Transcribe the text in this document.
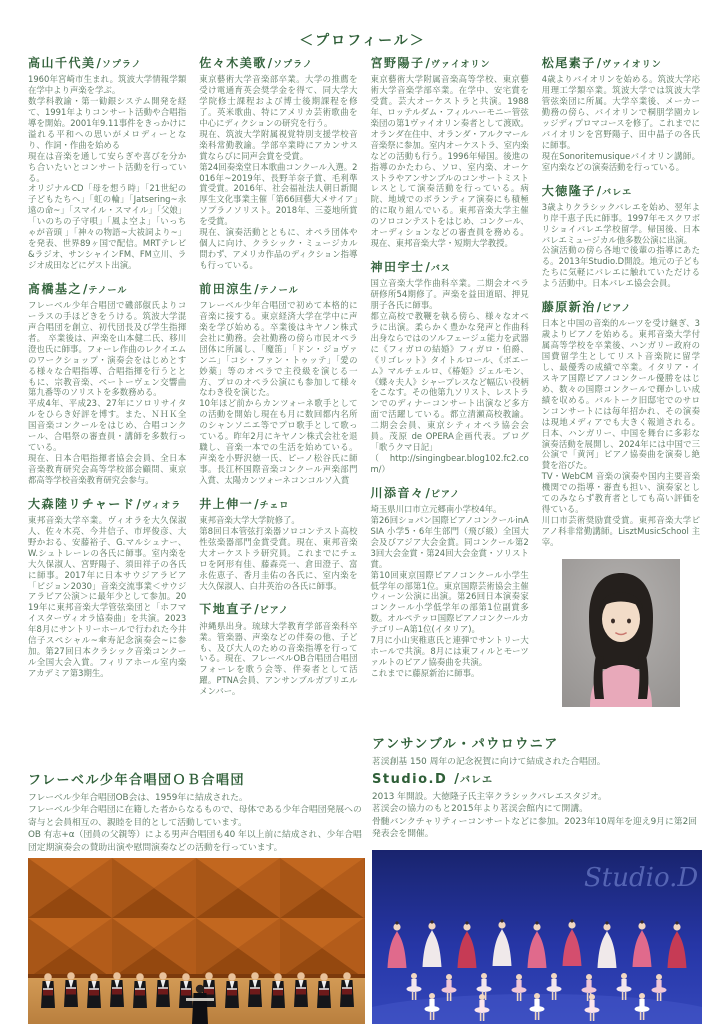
＜プロフィール＞
高山千代美/ソプラノ

1960年宮崎市生まれ。筑波大学情報学類在学中より声楽を学ぶ。

数学科教諭・第一勧銀システム開発を経て、1991年よりコンサート活動や合唱指導を開始。2001年9.11事件をきっかけに溢れる平和への思いがメロディーとなり、作詞・作曲を始める

現在は音楽を通して安らぎや喜びを分かち合いたいとコンサート活動を行っている。

オリジナルCD「母を想う時」「21世紀の子どもたちへ」「虹の輪」「Jatsering~永遠の命~」「スマイル・スマイル」「父娘」「いのちの子守唄」「風よ空よ」「いっちゃが音頭 」「神々の物語~大祓詞より~」を発表、世界89ヶ国で配信。MRTテレビ&ラジオ、サンシャインFM、FM立川、ラジオ成田などにゲスト出演。

髙橋基之/テノール

フレーベル少年合唱団で磯部俶氏よりコーラスの手ほどきをうける。筑波大学混声合唱団を創立、初代団長及び学生指揮者。 卒業後は、声楽を山本健二氏、移川澄也氏に師事。フォーレ作曲のレクイエムのワークショップ・演奏会をはじめとする様々な合唱指導、合唱指揮を行うとともに、宗教音楽、ベートーヴェン交響曲第九番等のソリストを多数務める。

平成4年、平成23、27年にソロリサイタルをひらき好評を博す。また、ＮＨＫ全国音楽コンクールをはじめ、合唱コンクール、合唱祭の審査員・講師を多数行っている。

現在、日本合唱指揮者協会会員、全日本音楽教育研究会高等学校部会顧問、東京都高等学校音楽教育研究会参与。

大森陸リチャード/ヴィオラ

東邦音楽大学卒業。ヴィオラを大久保淑人、佐々木亮、今井信子、市坪俊彦、大野かおる、安藤裕子、G.マルシュナー、W.シュトレーレの各氏に師事。室内楽を大久保淑人、宮野陽子、須田祥子の各氏に師事。2017年に日本サウジアラビア「ビジョン2030」音楽交流事業＜サウジアラビア公演＞に最年少として参加。2019年に東邦音楽大学管弦楽団と「ホフマイスターヴィオラ協奏曲」を共演。2023年8月にサントリーホールで行われた今井信子スペシャル~傘寿記念演奏会~に参加。第27回日本クラシック音楽コンクール全国大会入賞。フィリアホール室内楽アカデミア第3期生。

佐々木美歌/ソプラノ

東京藝術大学音楽部卒業。大学の推薦を受け電通育英会奨学金を得て、同大学大学院修士課程および博士後期課程を修了。英米歌曲、特にアメリカ芸術歌曲を中心にディクションの研究を行う。

現在、筑波大学附属視覚特別支援学校音楽科常勤教諭。学部卒業時にアカンサス賞ならびに同声会賞を受賞。

第24回奏楽堂日本歌曲コンクール入選。2016年~2019年、長野羊奈子賞、毛利準賞受賞。2016年、社会福祉法人朝日新聞厚生文化事業主催「第66回藝大メサイア」ソプラノソリスト。2018年、三菱地所賞を受賞。

現在、演奏活動とともに、オペラ団体や個人に向け、クラシック・ミュージカル問わず、アメリカ作品のディクション指導も行っている。

前田涼生/テノール

フレーベル少年合唱団で初めて本格的に音楽に接する。東京経済大学在学中に声楽を学び始める。卒業後はキヤノン株式会社に勤務。会社勤務の傍ら市民オペラ団体に所属し、「魔笛」「ドン・ジョヴァンニ」「コシ・ファン・トゥッテ」「愛の妙薬」等のオペラで主役級を演じる一方、プロのオペラ公演にも参加して様々なわき役を演じた。

10年ほど前からカンツォーネ歌手としての活動を開始し現在も月に数回都内名所のシャンソニエ等でプロ歌手として歌っている。昨年2月にキヤノン株式会社を退職し、音楽一本での生活を始めている。声楽を小野沢徳一氏、ピーノ松谷氏に師事。長江杯国際音楽コンクール声楽部門入賞、太陽カンツォーネコンコルソ入賞

井上伸一/チェロ

東邦音楽大学大学院修了。

第8回日本管弦打楽器ソロコンテスト高校性弦楽器部門金賞受賞。現在、東邦音楽大オーケストラ研究員。これまでにチェロを阿形有佳、藤森亮一、倉田澄子、富永佐恵子、香月圭佑の各氏に、室内楽を大久保淑人、白井英治の各氏に師事。

下地直子/ピアノ

沖縄県出身。琉球大学教育学部音楽科卒業。管楽器、声楽などの伴奏の他、子ども、及び大人のための音楽指導を行っている。現在、フレーベルOB合唱団合唱団フォーレを歌う会等、伴奏者として活躍。PTNA会員、アンサンブルガブリエルメンバー。

宮野陽子/ヴァイオリン

東京藝術大学附属音楽高等学校、東京藝術大学音楽学部卒業。在学中、安宅賞を受賞。芸大オーケストラと共演。1988年、ロッテルダム・フィルハーモニー管弦楽団の第1ヴァイオリン奏者として渡欧。オランダ在住中、オランダ・アルクマール音楽祭に参加。室内オーケストラ、室内楽などの活動も行う。1996年帰国。後進の指導のかたわら、ソロ、室内楽、オーケストラやアンサンブルのコンサートミストレスとして演奏活動を行っている。病院、地域でのボランティア演奏にも積極的に取り組んでいる。東邦音楽大学主催のソロコンテストをはじめ、コンクール、オーディションなどの審査員を務める。 現在、東邦音楽大学・短期大学教授。

神田宇士/バス

国立音楽大学作曲科卒業。二期会オペラ研修所54期修了。声楽を益田道昭、押見朋子各氏に師事。

都立高校で教鞭を執る傍ら、様々なオペラに出演。柔らかく豊かな発声と作曲科出身ならではのソルフェージュ能力を武器に《フィガロの結婚》フィガロ・伯爵、《リゴレット》タイトルロール、《ボエーム》マルチェルロ、《椿姫》ジェルモン、《蝶々夫人》シャープレスなど幅広い役柄をこなす。その他第九ソリスト、レストランでのディナーコンサート出演など多方面で活躍している。都立清瀬高校教諭。二期会会員、東京シティオペラ協会会員。茂原 de OPERA企画代表。ブログ「歌うクマ日記」

（http://singingbear.blog102.fc2.com/）

川添音々/ピアノ

埼玉県川口市立元郷南小学校4年。

第26回ショパン国際ピアノコンクールinASIA 小学5・6年生部門（飛び級）全国大会及びアジア大会金賞。同コンクール第23回大会金賞・第24回大会金賞・ソリスト賞。

第10回東京国際ピアノコンクール小学生低学年の部第1位。東京国際芸術協会主催ウィーン公演に出演。第26回日本演奏家コンクール小学低学年の部第1位副賞多数。オルペテッロ国際ピアノコンクールカテゴリーA第1位(イタリア)。

7月に小山実稚恵氏と連弾でサントリー大ホールで共演。8月には東フィルとモーツァルトのピアノ協奏曲を共演。

これまでに藤原新治に師事。

松尾素子/ヴァイオリン

4歳よりバイオリンを始める。筑波大学応用理工学類卒業。筑波大学では筑波大学管弦楽団に所属。大学卒業後、メーカー勤務の傍ら、バイオリンで桐朋学園カレッジディプロマコースを修了。これまでにバイオリンを宮野陽子、田中晶子の各氏に師事。

現在Sonoritemusiqueバイオリン講師。室内楽などの演奏活動を行っている。

大徳隆子/バレエ

3歳よりクラシックバレエを始め、翌年より岸千恵子氏に師事。1997年モスクワボリショイバレエ学校留学。帰国後、日本バレエミュージカル他多数公演に出演。

公演活動の傍ら各地で後輩の指導にあたる。2013年Studio.D開設。地元の子どもたちに気軽にバレエに触れていただけるよう活動中。日本バレエ協会会員。

藤原新治/ピアノ

日本と中国の音楽的ルーツを受け継ぎ、3歳よりピアノを始める。東邦音楽大学付属高等学校を卒業後、ハンガリー政府の国費留学生としてリスト音楽院に留学し、最優秀の成績で卒業。イタリア・イスキア国際ピアノコンクール優勝をはじめ、数々の国際コンクールで輝かしい成績を収める。バルトーク旧邸宅でのサロンコンサートには毎年招かれ、その演奏は現地メディアでも大きく報道される。日本、ハンガリー、中国を舞台に多彩な演奏活動を展開し、2024年には中国で三公演で「黄河」ピアノ協奏曲を演奏し絶賛を浴びた。

TV・WebCM 音楽の演奏や国内主要音楽機関での指導・審査も担い、演奏家としてのみならず教育者としても高い評価を得ている。

川口市芸術奨励賞受賞。東邦音楽大学ピアノ科非常勤講師。LisztMusicSchool 主宰。

アンサンブル・パウロウニア

茗渓創基 150 周年の記念祝賀に向けて結成された合唱団。

Studio.D /バレエ

2013 年開設。大徳隆子氏主宰クラシックバレエスタジオ。

茗渓会の協力のもと2015年より茗渓会館内にて開講。

骨髄バンクチャリティーコンサートなどに参加。2023年10周年を迎え9月に第2回発表会を開催。

フレーベル少年合唱団ＯＢ合唱団

フレーベル少年合唱団OB会は、1959年に結成された。

フレーベル少年合唱団に在籍した者からなるもので、母体である少年合唱団発展への寄与と会員相互の、親睦を目的として活動しています。

OB 有志+α（団員の父親等）による男声合唱団も40 年以上前に結成され、少年合唱団定期演奏会の賛助出演や慰問演奏などの活動を行っています。

Studio.D
